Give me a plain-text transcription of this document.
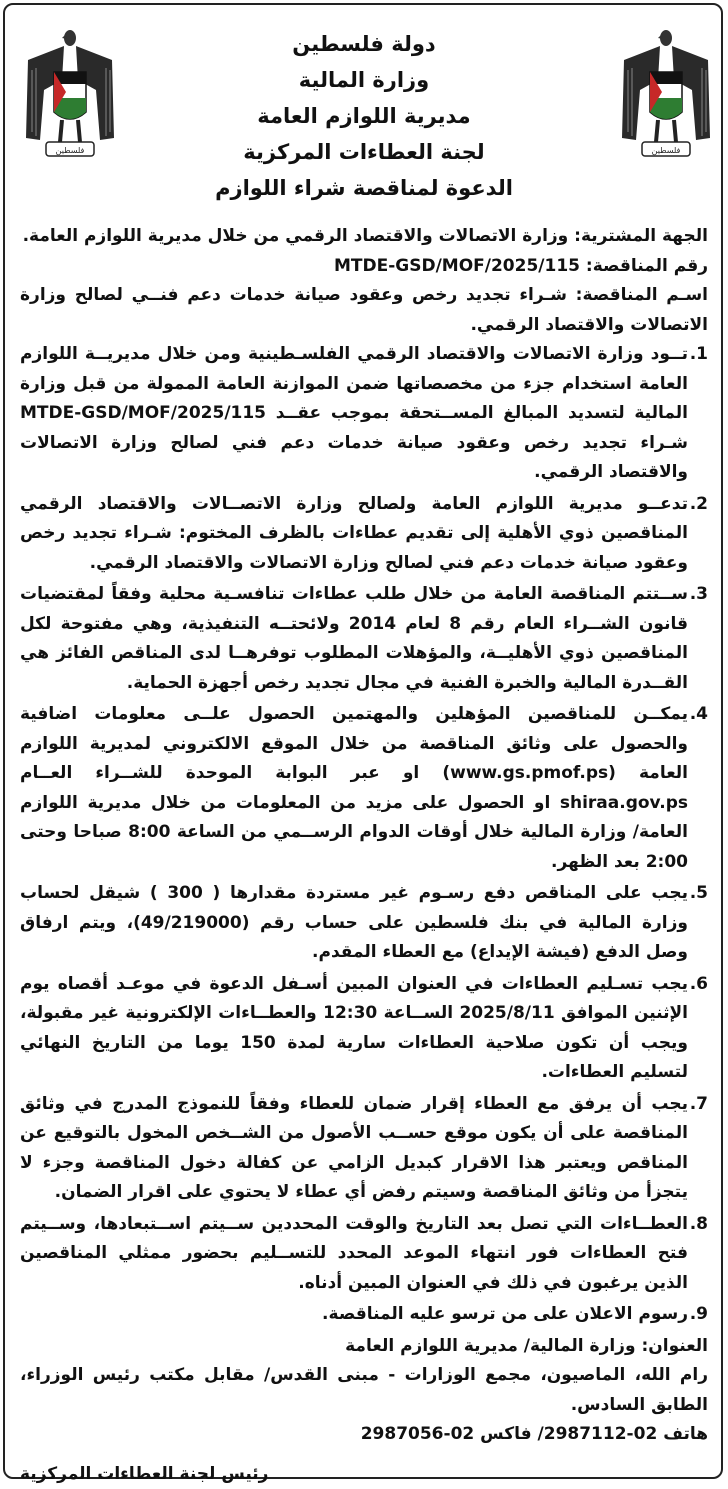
فلسطين
فلسطين
دولة فلسطين
وزارة المالية
مديرية اللوازم العامة
لجنة العطاءات المركزية
الدعوة لمناقصة شراء اللوازم

الجهة المشترية: وزارة الاتصالات والاقتصاد الرقمي من خلال مديرية اللوازم العامة.

رقم المناقصة: MTDE-GSD/MOF/2025/115

اسـم المناقصة: شـراء تجديد رخص وعقود صيانة خدمات دعم فنــي لصالح وزارة الاتصالات والاقتصاد الرقمي.

1.
تــود وزارة الاتصالات والاقتصاد الرقمي الفلسـطينية ومن خلال مديريــة اللوازم العامة استخدام جزء من مخصصاتها ضمن الموازنة العامة الممولة من قبل وزارة المالية لتسديد المبالغ المســتحقة بموجب عقــد MTDE-GSD/MOF/2025/115 شـراء تجديد رخص وعقود صيانة خدمات دعم فني لصالح وزارة الاتصالات والاقتصاد الرقمي.
2.
تدعــو مديرية اللوازم العامة ولصالح وزارة الاتصــالات والاقتصاد الرقمي المناقصين ذوي الأهلية إلى تقديم عطاءات بالظرف المختوم: شـراء تجديد رخص وعقود صيانة خدمات دعم فني لصالح وزارة الاتصالات والاقتصاد الرقمي.
3.
ســتتم المناقصة العامة من خلال طلب عطاءات تنافسـية محلية وفقاً لمقتضيات قانون الشــراء العام رقم 8 لعام 2014 ولائحتــه التنفيذية، وهي مفتوحة لكل المناقصين ذوي الأهليــة، والمؤهلات المطلوب توفرهــا لدى المناقص الفائز هي القــدرة المالية والخبرة الفنية في مجال تجديد رخص أجهزة الحماية.
4.
يمكــن للمناقصين المؤهلين والمهتمين الحصول علــى معلومات اضافية والحصول على وثائق المناقصة من خلال الموقع الالكتروني لمديرية اللوازم العامة (www.gs.pmof.ps) او عبر البوابة الموحدة للشــراء العــام shiraa.gov.ps او الحصول على مزيد من المعلومات من خلال مديرية اللوازم العامة/ وزارة المالية خلال أوقات الدوام الرســمي من الساعة 8:00 صباحا وحتى 2:00 بعد الظهر.
5.
يجب على المناقص دفع رسـوم غير مستردة مقدارها ( 300 ) شيقل لحساب وزارة المالية في بنك فلسطين على حساب رقم (49/219000)، ويتم ارفاق وصل الدفع (فيشة الإيداع) مع العطاء المقدم.
6.
يجب تسـليم العطاءات في العنوان المبين أسـفل الدعوة في موعـد أقصاه يوم الإثنين الموافق 2025/8/11 الســاعة 12:30 والعطــاءات الإلكترونية غير مقبولة، ويجب أن تكون صلاحية العطاءات سارية لمدة 150 يوما من التاريخ النهائي لتسليم العطاءات.
7.
يجب أن يرفق مع العطاء إقرار ضمان للعطاء وفقاً للنموذج المدرج في وثائق المناقصة على أن يكون موقع حســب الأصول من الشــخص المخول بالتوقيع عن المناقص ويعتبر هذا الاقرار كبديل الزامي عن كفالة دخول المناقصة وجزء لا يتجزأ من وثائق المناقصة وسيتم رفض أي عطاء لا يحتوي على اقرار الضمان.
8.
العطــاءات التي تصل بعد التاريخ والوقت المحددين ســيتم اســتبعادها، وســيتم فتح العطاءات فور انتهاء الموعد المحدد للتســليم بحضور ممثلي المناقصين الذين يرغبون في ذلك في العنوان المبين أدناه.
9.
رسوم الاعلان على من ترسو عليه المناقصة.

العنوان: وزارة المالية/ مديرية اللوازم العامة

رام الله، الماصيون، مجمع الوزارات - مبنى القدس/ مقابل مكتب رئيس الوزراء، الطابق السادس.

هاتف 02-2987112/ فاكس 02-2987056

رئيس لجنة العطاءات المركزية
